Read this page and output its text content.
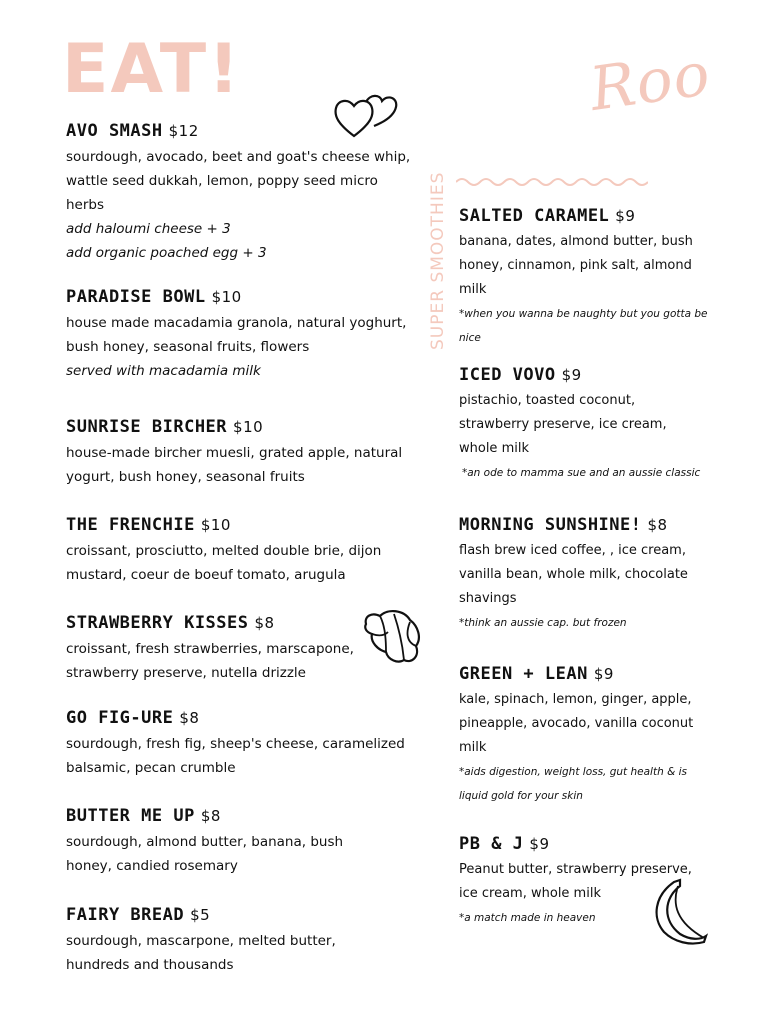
EAT!	Roo
SUPER SMOOTHIES
AVO SMASH $12
sourdough, avocado, beet and goat's cheese whip, wattle seed dukkah, lemon, poppy seed micro herbs
add haloumi cheese + 3
add organic poached egg + 3
PARADISE BOWL $10
house made macadamia granola, natural yoghurt, bush honey, seasonal fruits, flowers
served with macadamia milk
SUNRISE BIRCHER $10
house-made bircher muesli, grated apple, natural yogurt, bush honey, seasonal fruits
THE FRENCHIE $10
croissant, prosciutto, melted double brie, dijon mustard, coeur de boeuf tomato, arugula
STRAWBERRY KISSES $8
croissant, fresh strawberries, marscapone, strawberry preserve, nutella drizzle
GO FIG-URE $8
sourdough, fresh fig, sheep's cheese, caramelized balsamic, pecan crumble
BUTTER ME UP $8
sourdough, almond butter, banana, bush honey, candied rosemary
FAIRY BREAD $5
sourdough, mascarpone, melted butter, hundreds and thousands
SALTED CARAMEL $9
banana, dates, almond butter, bush honey, cinnamon, pink salt, almond milk
*when you wanna be naughty but you gotta be nice
ICED VOVO $9
pistachio, toasted coconut, strawberry preserve, ice cream, whole milk
*an ode to mamma sue and an aussie classic
MORNING SUNSHINE! $8
flash brew iced coffee, , ice cream, vanilla bean, whole milk, chocolate shavings
*think an aussie cap. but frozen
GREEN + LEAN $9
kale, spinach, lemon, ginger, apple, pineapple, avocado, vanilla coconut milk
*aids digestion, weight loss, gut health & is liquid gold for your skin
PB & J $9
Peanut butter, strawberry preserve, ice cream, whole milk
*a match made in heaven
